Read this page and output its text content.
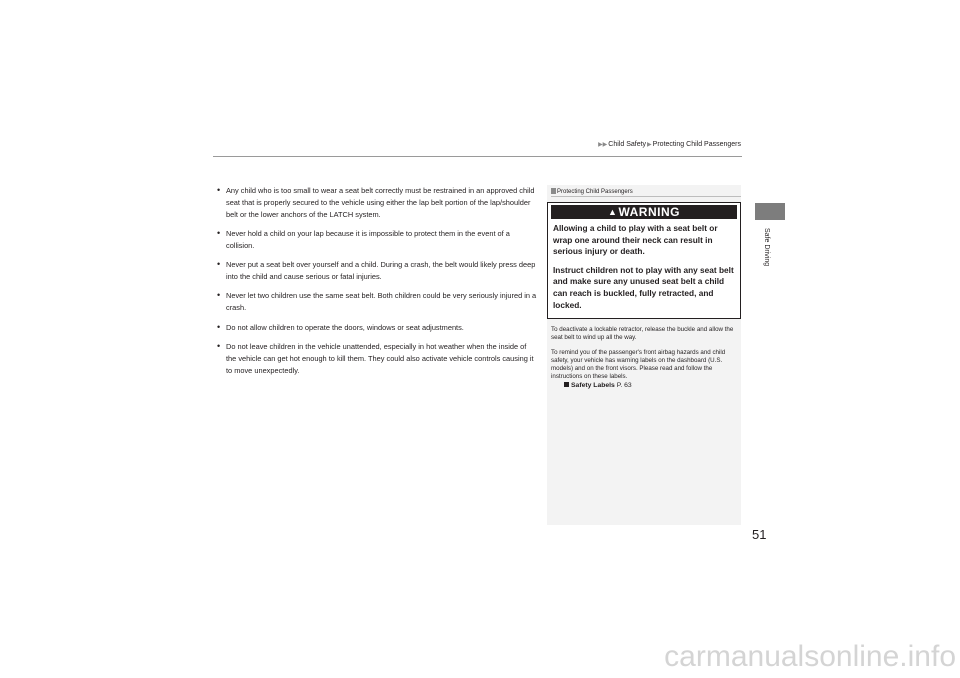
▶▶ Child Safety ▶ Protecting Child Passengers
Safe Driving
• Any child who is too small to wear a seat belt correctly must be restrained in an approved child seat that is properly secured to the vehicle using either the lap belt portion of the lap/shoulder belt or the lower anchors of the LATCH system.
• Never hold a child on your lap because it is impossible to protect them in the event of a collision.
• Never put a seat belt over yourself and a child. During a crash, the belt would likely press deep into the child and cause serious or fatal injuries.
• Never let two children use the same seat belt. Both children could be very seriously injured in a crash.
• Do not allow children to operate the doors, windows or seat adjustments.
• Do not leave children in the vehicle unattended, especially in hot weather when the inside of the vehicle can get hot enough to kill them. They could also activate vehicle controls causing it to move unexpectedly.
Protecting Child Passengers
▲WARNING

Allowing a child to play with a seat belt or wrap one around their neck can result in serious injury or death.

Instruct children not to play with any seat belt and make sure any unused seat belt a child can reach is buckled, fully retracted, and locked.

To deactivate a lockable retractor, release the buckle and allow the seat belt to wind up all the way.

To remind you of the passenger's front airbag hazards and child safety, your vehicle has warning labels on the dashboard (U.S. models) and on the front visors. Please read and follow the instructions on these labels.

Safety Labels P. 63
51
carmanualsonline.info
